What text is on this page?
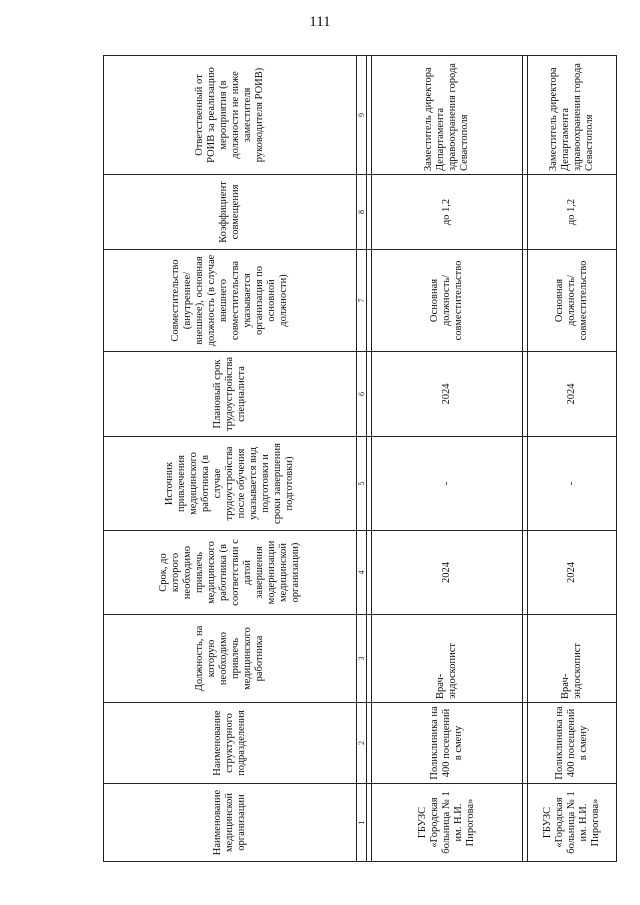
111
Наименование медицинской организации	Наименование структурного подразделения	Должность, на которую необходимо привлечь медицинского работника	Срок, до которого необходимо привлечь медицинского работника (в соответствии с датой завершения модернизации медицинской организации)	Источник привлечения медицинского работника (в случае трудоустройства после обучения указывается вид подготовки и сроки завершения подготовки)	Плановый срок трудоустройства специалиста	Совместительство (внутреннее/внешнее), основная должность (в случае внешнего совместительства указывается организация по основной должности)	Коэффициент совмещения	Ответственный от РОИВ за реализацию мероприятия (в должности не ниже заместителя руководителя РОИВ)
1	2	3	4	5	6	7	8	9

ГБУЗС «Городская больница № 1 им. Н.И. Пирогова»	Поликлиника на 400 посещений в смену	Врач-эндоскопист	2024	-	2024	Основная должность/ совместительство	до 1,2	Заместитель директора Департамента здравоохранения города Севастополя

ГБУЗС «Городская больница № 1 им. Н.И. Пирогова»	Поликлиника на 400 посещений в смену	Врач-эндоскопист	2024	-	2024	Основная должность/ совместительство	до 1,2	Заместитель директора Департамента здравоохранения города Севастополя
